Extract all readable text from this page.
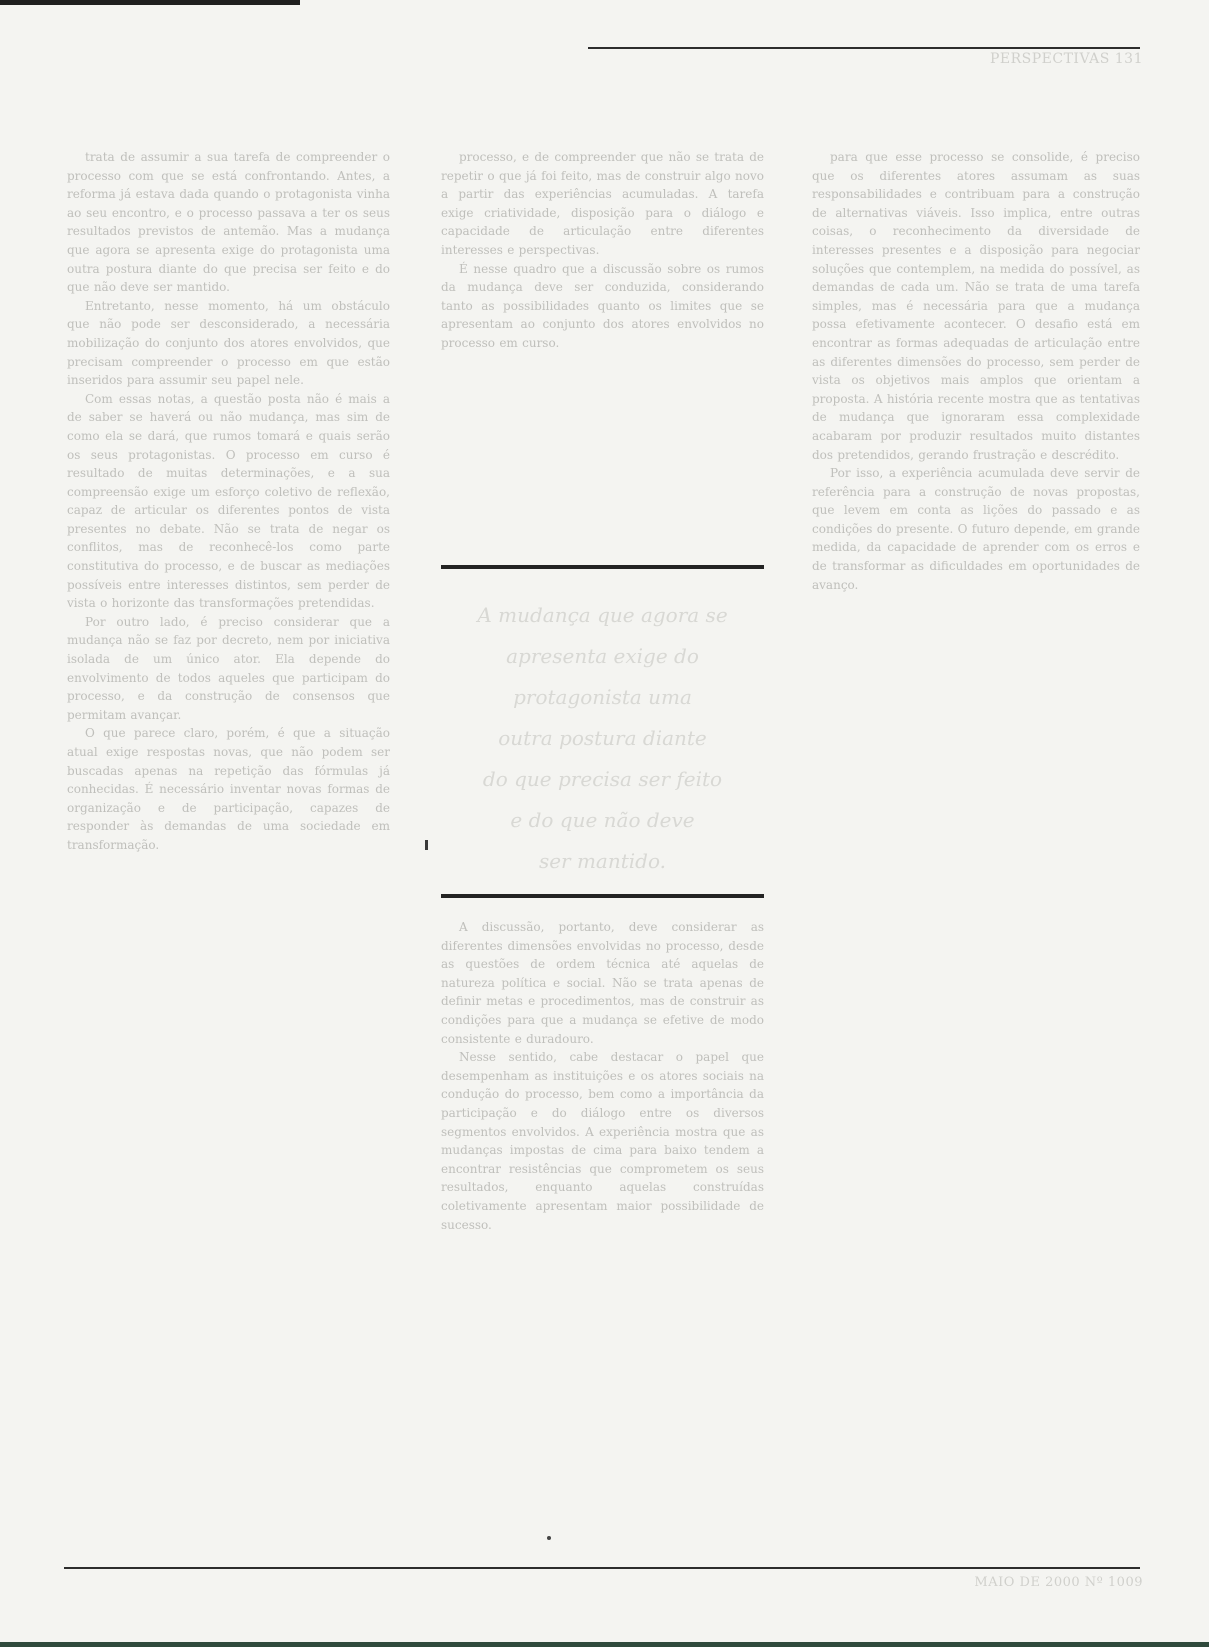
PERSPECTIVAS 131

trata de assumir a sua tarefa de compreender o processo com que se está confrontando. Antes, a reforma já estava dada quando o protagonista vinha ao seu encontro, e o processo passava a ter os seus resultados previstos de antemão. Mas a mudança que agora se apresenta exige do protagonista uma outra postura diante do que precisa ser feito e do que não deve ser mantido.

Entretanto, nesse momento, há um obstáculo que não pode ser desconsiderado, a necessária mobilização do conjunto dos atores envolvidos, que precisam compreender o processo em que estão inseridos para assumir seu papel nele.

Com essas notas, a questão posta não é mais a de saber se haverá ou não mudança, mas sim de como ela se dará, que rumos tomará e quais serão os seus protagonistas. O processo em curso é resultado de muitas determinações, e a sua compreensão exige um esforço coletivo de reflexão, capaz de articular os diferentes pontos de vista presentes no debate. Não se trata de negar os conflitos, mas de reconhecê-los como parte constitutiva do processo, e de buscar as mediações possíveis entre interesses distintos, sem perder de vista o horizonte das transformações pretendidas.

Por outro lado, é preciso considerar que a mudança não se faz por decreto, nem por iniciativa isolada de um único ator. Ela depende do envolvimento de todos aqueles que participam do processo, e da construção de consensos que permitam avançar.

O que parece claro, porém, é que a situação atual exige respostas novas, que não podem ser buscadas apenas na repetição das fórmulas já conhecidas. É necessário inventar novas formas de organização e de participação, capazes de responder às demandas de uma sociedade em transformação.

processo, e de compreender que não se trata de repetir o que já foi feito, mas de construir algo novo a partir das experiências acumuladas. A tarefa exige criatividade, disposição para o diálogo e capacidade de articulação entre diferentes interesses e perspectivas.

É nesse quadro que a discussão sobre os rumos da mudança deve ser conduzida, considerando tanto as possibilidades quanto os limites que se apresentam ao conjunto dos atores envolvidos no processo em curso.

A mudança que agora se
apresenta exige do
protagonista uma
outra postura diante
do que precisa ser feito
e do que não deve
ser mantido.

A discussão, portanto, deve considerar as diferentes dimensões envolvidas no processo, desde as questões de ordem técnica até aquelas de natureza política e social. Não se trata apenas de definir metas e procedimentos, mas de construir as condições para que a mudança se efetive de modo consistente e duradouro.

Nesse sentido, cabe destacar o papel que desempenham as instituições e os atores sociais na condução do processo, bem como a importância da participação e do diálogo entre os diversos segmentos envolvidos. A experiência mostra que as mudanças impostas de cima para baixo tendem a encontrar resistências que comprometem os seus resultados, enquanto aquelas construídas coletivamente apresentam maior possibilidade de sucesso.

para que esse processo se consolide, é preciso que os diferentes atores assumam as suas responsabilidades e contribuam para a construção de alternativas viáveis. Isso implica, entre outras coisas, o reconhecimento da diversidade de interesses presentes e a disposição para negociar soluções que contemplem, na medida do possível, as demandas de cada um. Não se trata de uma tarefa simples, mas é necessária para que a mudança possa efetivamente acontecer. O desafio está em encontrar as formas adequadas de articulação entre as diferentes dimensões do processo, sem perder de vista os objetivos mais amplos que orientam a proposta. A história recente mostra que as tentativas de mudança que ignoraram essa complexidade acabaram por produzir resultados muito distantes dos pretendidos, gerando frustração e descrédito.

Por isso, a experiência acumulada deve servir de referência para a construção de novas propostas, que levem em conta as lições do passado e as condições do presente. O futuro depende, em grande medida, da capacidade de aprender com os erros e de transformar as dificuldades em oportunidades de avanço.

MAIO DE 2000 Nº 1009
